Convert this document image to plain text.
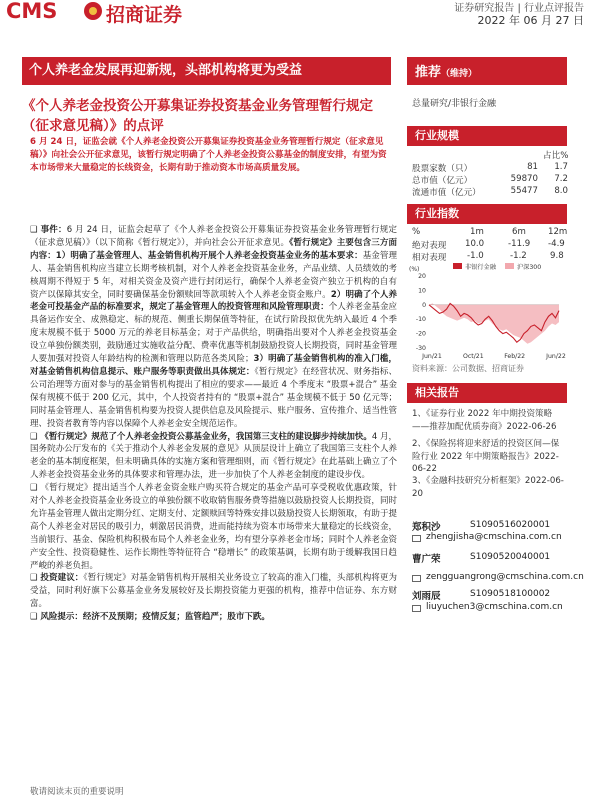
CMS	招商证券	证券研究报告 | 行业点评报告
2022 年 06 月 27 日
个人养老金发展再迎新规，头部机构将更为受益
《个人养老金投资公开募集证券投资基金业务管理暂行规定（征求意见稿）》的点评
6 月 24 日，证监会就《个人养老金投资公开募集证券投资基金业务管理暂行规定（征求意见稿）》向社会公开征求意见，该暂行规定明确了个人养老金投资公募基金的制度安排，有望为资本市场带来大量稳定的长线资金，长期有助于推动资本市场高质量发展。

❑ 事件：6 月 24 日，证监会起草了《个人养老金投资公开募集证券投资基金业务管理暂行规定（征求意见稿）》（以下简称《暂行规定》），并向社会公开征求意见。《暂行规定》主要包含三方面内容：1）明确了基金管理人、基金销售机构开展个人养老金投资基金业务的基本要求：基金管理人、基金销售机构应当建立长期考核机制，对个人养老金投资基金业务，产品业绩、人员绩效的考核周期不得短于 5 年，对相关资金及资产进行封闭运行，确保个人养老金资产独立于机构的自有资产以保障其安全，同时要确保基金份额赎回等款项转入个人养老金资金账户。2）明确了个人养老金可投基金产品的标准要求，规定了基金管理人的投资管理和风险管理职责：个人养老金基金应具备运作安全、成熟稳定、标的规范、侧重长期保值等特征，在试行阶段拟优先纳入最近 4 个季度末规模不低于 5000 万元的养老目标基金；对于产品供给，明确指出要对个人养老金投资基金设立单独份额类别，鼓励通过实施收益分配、费率优惠等机制鼓励投资人长期投资，同时基金管理人要加强对投资人年龄结构的检测和管理以防范各类风险；3）明确了基金销售机构的准入门槛，对基金销售机构信息提示、账户服务等职责做出具体规定：《暂行规定》在经营状况、财务指标、公司治理等方面对参与的基金销售机构提出了相应的要求——最近 4 个季度末 “股票+混合” 基金保有规模不低于 200 亿元，其中，个人投资者持有的 “股票+混合” 基金规模不低于 50 亿元等；同时基金管理人、基金销售机构要为投资人提供信息及风险提示、账户服务、宣传推介、适当性管理、投资者教育等内容以保障个人养老金安全规范运作。

❑ 《暂行规定》规范了个人养老金投资公募基金业务，我国第三支柱的建设脚步持续加快。4 月，国务院办公厅发布的《关于推动个人养老金发展的意见》从顶层设计上确立了我国第三支柱个人养老金的基本制度框架，但未明确具体的实施方案和管理细则，而《暂行规定》在此基础上确立了个人养老金投资基金业务的具体要求和管理办法，进一步加快了个人养老金制度的建设步伐。

❑ 《暂行规定》提出适当个人养老金资金账户购买符合规定的基金产品可享受税收优惠政策，针对个人养老金投资基金业务设立的单独份额不收取销售服务费等措施以鼓励投资人长期投资，同时允许基金管理人做出定期分红、定期支付、定额赎回等特殊安排以鼓励投资人长期领取，有助于提高个人养老金对居民的吸引力，刺激居民消费，进而能持续为资本市场带来大量稳定的长线资金，当前银行、基金、保险机构积极布局个人养老金业务，均有望分享养老金市场；同时个人养老金资产安全性、投资稳健性、运作长期性等特征符合 “稳增长” 的政策基调，长期有助于缓解我国日趋严峻的养老负担。

❑ 投资建议：《暂行规定》对基金销售机构开展相关业务设立了较高的准入门槛，头部机构将更为受益，同时利好旗下公募基金业务发展较好及长期投资能力更强的机构，推荐中信证券、东方财富。

❑ 风险提示：经济不及预期；疫情反复；监管趋严；股市下跌。

推荐（维持）
总量研究/非银行金融
行业规模
占比%
股票家数（只）	81	1.7
总市值（亿元）	59870	7.2
流通市值（亿元）	55477	8.0
行业指数
%	1m	6m	12m
绝对表现 10.0	-11.9 -4.9
相对表现 -1.0	-1.2	9.8
非银行金融	沪深300
(%)
20
10
0
-10
-20
-30
Jun/21	Oct/21	Feb/22	Jun/22
资料来源：公司数据、招商证券
相关报告
1、《证券行业 2022 年中期投资策略——推荐加配优质券商》2022-06-26
2、《保险拐将迎来舒适的投资区间—保险行业 2022 年中期策略报告》2022-06-22
3、《金融科技研究分析框架》2022-06-20
郑积沙	S1090516020001
zhengjisha@cmschina.com.cn
曹广荣	S1090520040001
zengguangrong@cmschina.com.cn
刘雨辰	S1090518100002
liuyuchen3@cmschina.com.cn
敬请阅读末页的重要说明
